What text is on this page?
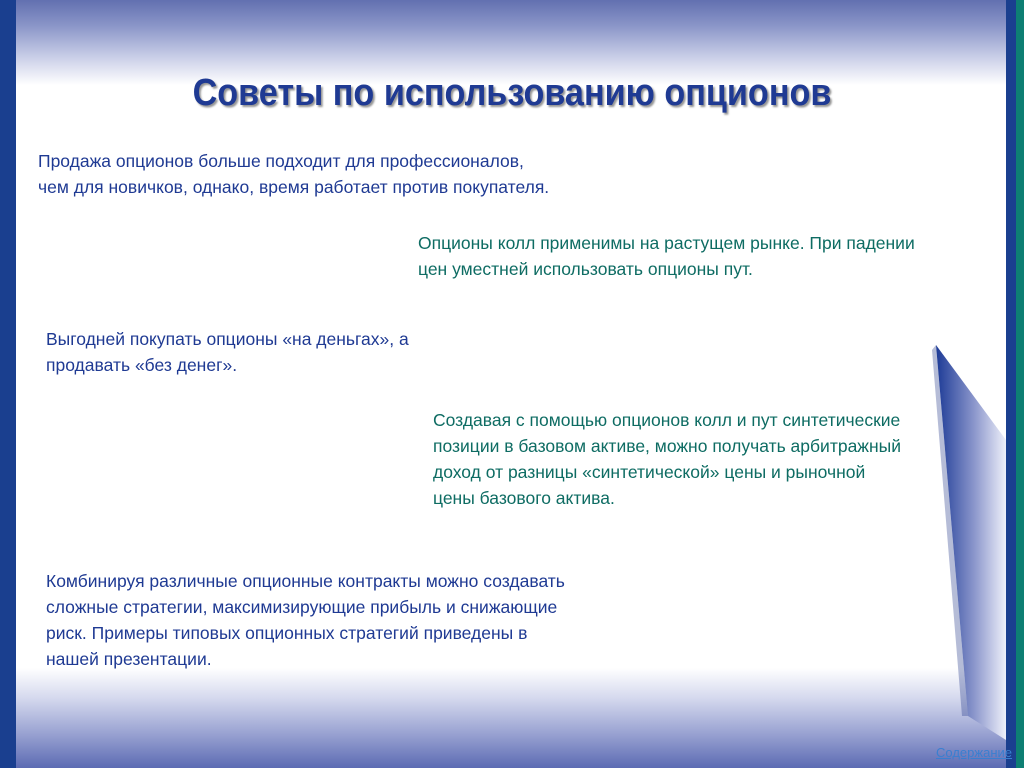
Советы по использованию опционов

Продажа опционов больше подходит для профессионалов,
чем для новичков, однако, время работает против покупателя.

Опционы колл применимы на растущем рынке. При падении
цен уместней использовать опционы пут.

Выгодней покупать опционы «на деньгах», а
продавать «без денег».

Создавая с помощью опционов колл и пут синтетические
позиции в базовом активе, можно получать арбитражный
доход от разницы «синтетической» цены и рыночной
цены базового актива.

Комбинируя различные опционные контракты можно создавать
сложные стратегии, максимизирующие прибыль и снижающие
риск. Примеры типовых опционных стратегий приведены в
нашей презентации.

Содержание
